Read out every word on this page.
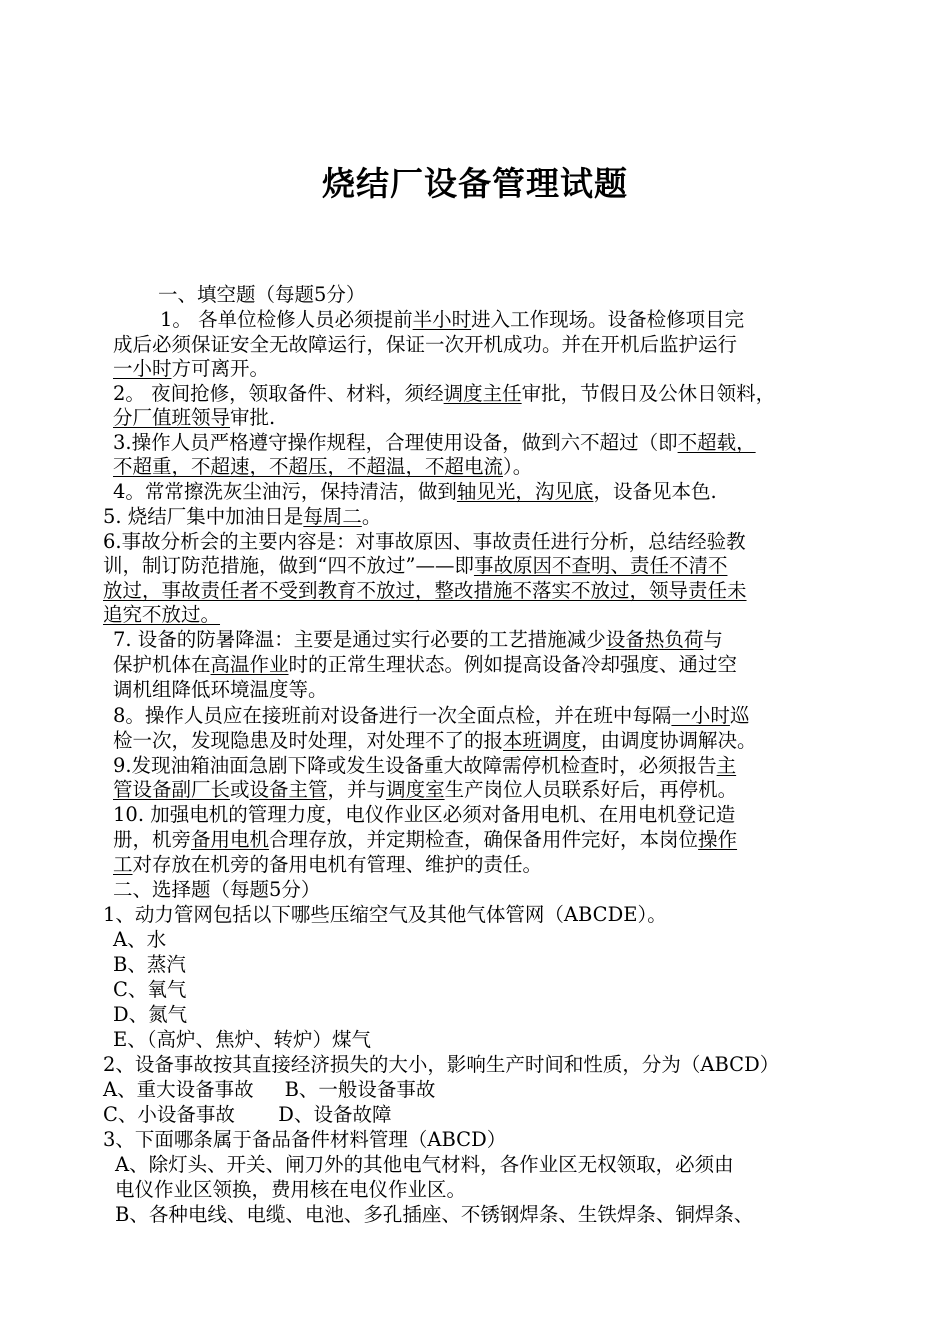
烧结厂设备管理试题
一、填空题（每题5分）
1。 各单位检修人员必须提前半小时进入工作现场。设备检修项目完
成后必须保证安全无故障运行，保证一次开机成功。并在开机后监护运行
一小时方可离开。
2。 夜间抢修，领取备件、材料，须经调度主任审批，节假日及公休日领料，
分厂值班领导审批.
3.操作人员严格遵守操作规程，合理使用设备，做到六不超过（即不超载，
不超重，不超速，不超压，不超温，不超电流）。
4。常常擦洗灰尘油污，保持清洁，做到轴见光，沟见底，设备见本色.
5. 烧结厂集中加油日是每周二。
6.事故分析会的主要内容是：对事故原因、事故责任进行分析，总结经验教
训，制订防范措施，做到“四不放过”——即事故原因不查明、责任不清不
放过，事故责任者不受到教育不放过，整改措施不落实不放过，领导责任未
追究不放过。
7. 设备的防暑降温：主要是通过实行必要的工艺措施减少设备热负荷与
保护机体在高温作业时的正常生理状态。例如提高设备冷却强度、通过空
调机组降低环境温度等。
8。操作人员应在接班前对设备进行一次全面点检，并在班中每隔一小时巡
检一次，发现隐患及时处理，对处理不了的报本班调度，由调度协调解决。
9.发现油箱油面急剧下降或发生设备重大故障需停机检查时，必须报告主
管设备副厂长或设备主管，并与调度室生产岗位人员联系好后，再停机。
10. 加强电机的管理力度，电仪作业区必须对备用电机、在用电机登记造
册，机旁备用电机合理存放，并定期检查，确保备用件完好，本岗位操作
工对存放在机旁的备用电机有管理、维护的责任。
二、选择题（每题5分）
1、动力管网包括以下哪些压缩空气及其他气体管网（ABCDE）。
A、水
B、蒸汽
C、氧气
D、氮气
E、（高炉、焦炉、转炉）煤气
2、设备事故按其直接经济损失的大小，影响生产时间和性质，分为（ABCD）
A、重大设备事故     B、一般设备事故
C、小设备事故       D、设备故障
3、下面哪条属于备品备件材料管理（ABCD）
A、除灯头、开关、闸刀外的其他电气材料，各作业区无权领取，必须由
电仪作业区领换，费用核在电仪作业区。
B、各种电线、电缆、电池、多孔插座、不锈钢焊条、生铁焊条、铜焊条、
